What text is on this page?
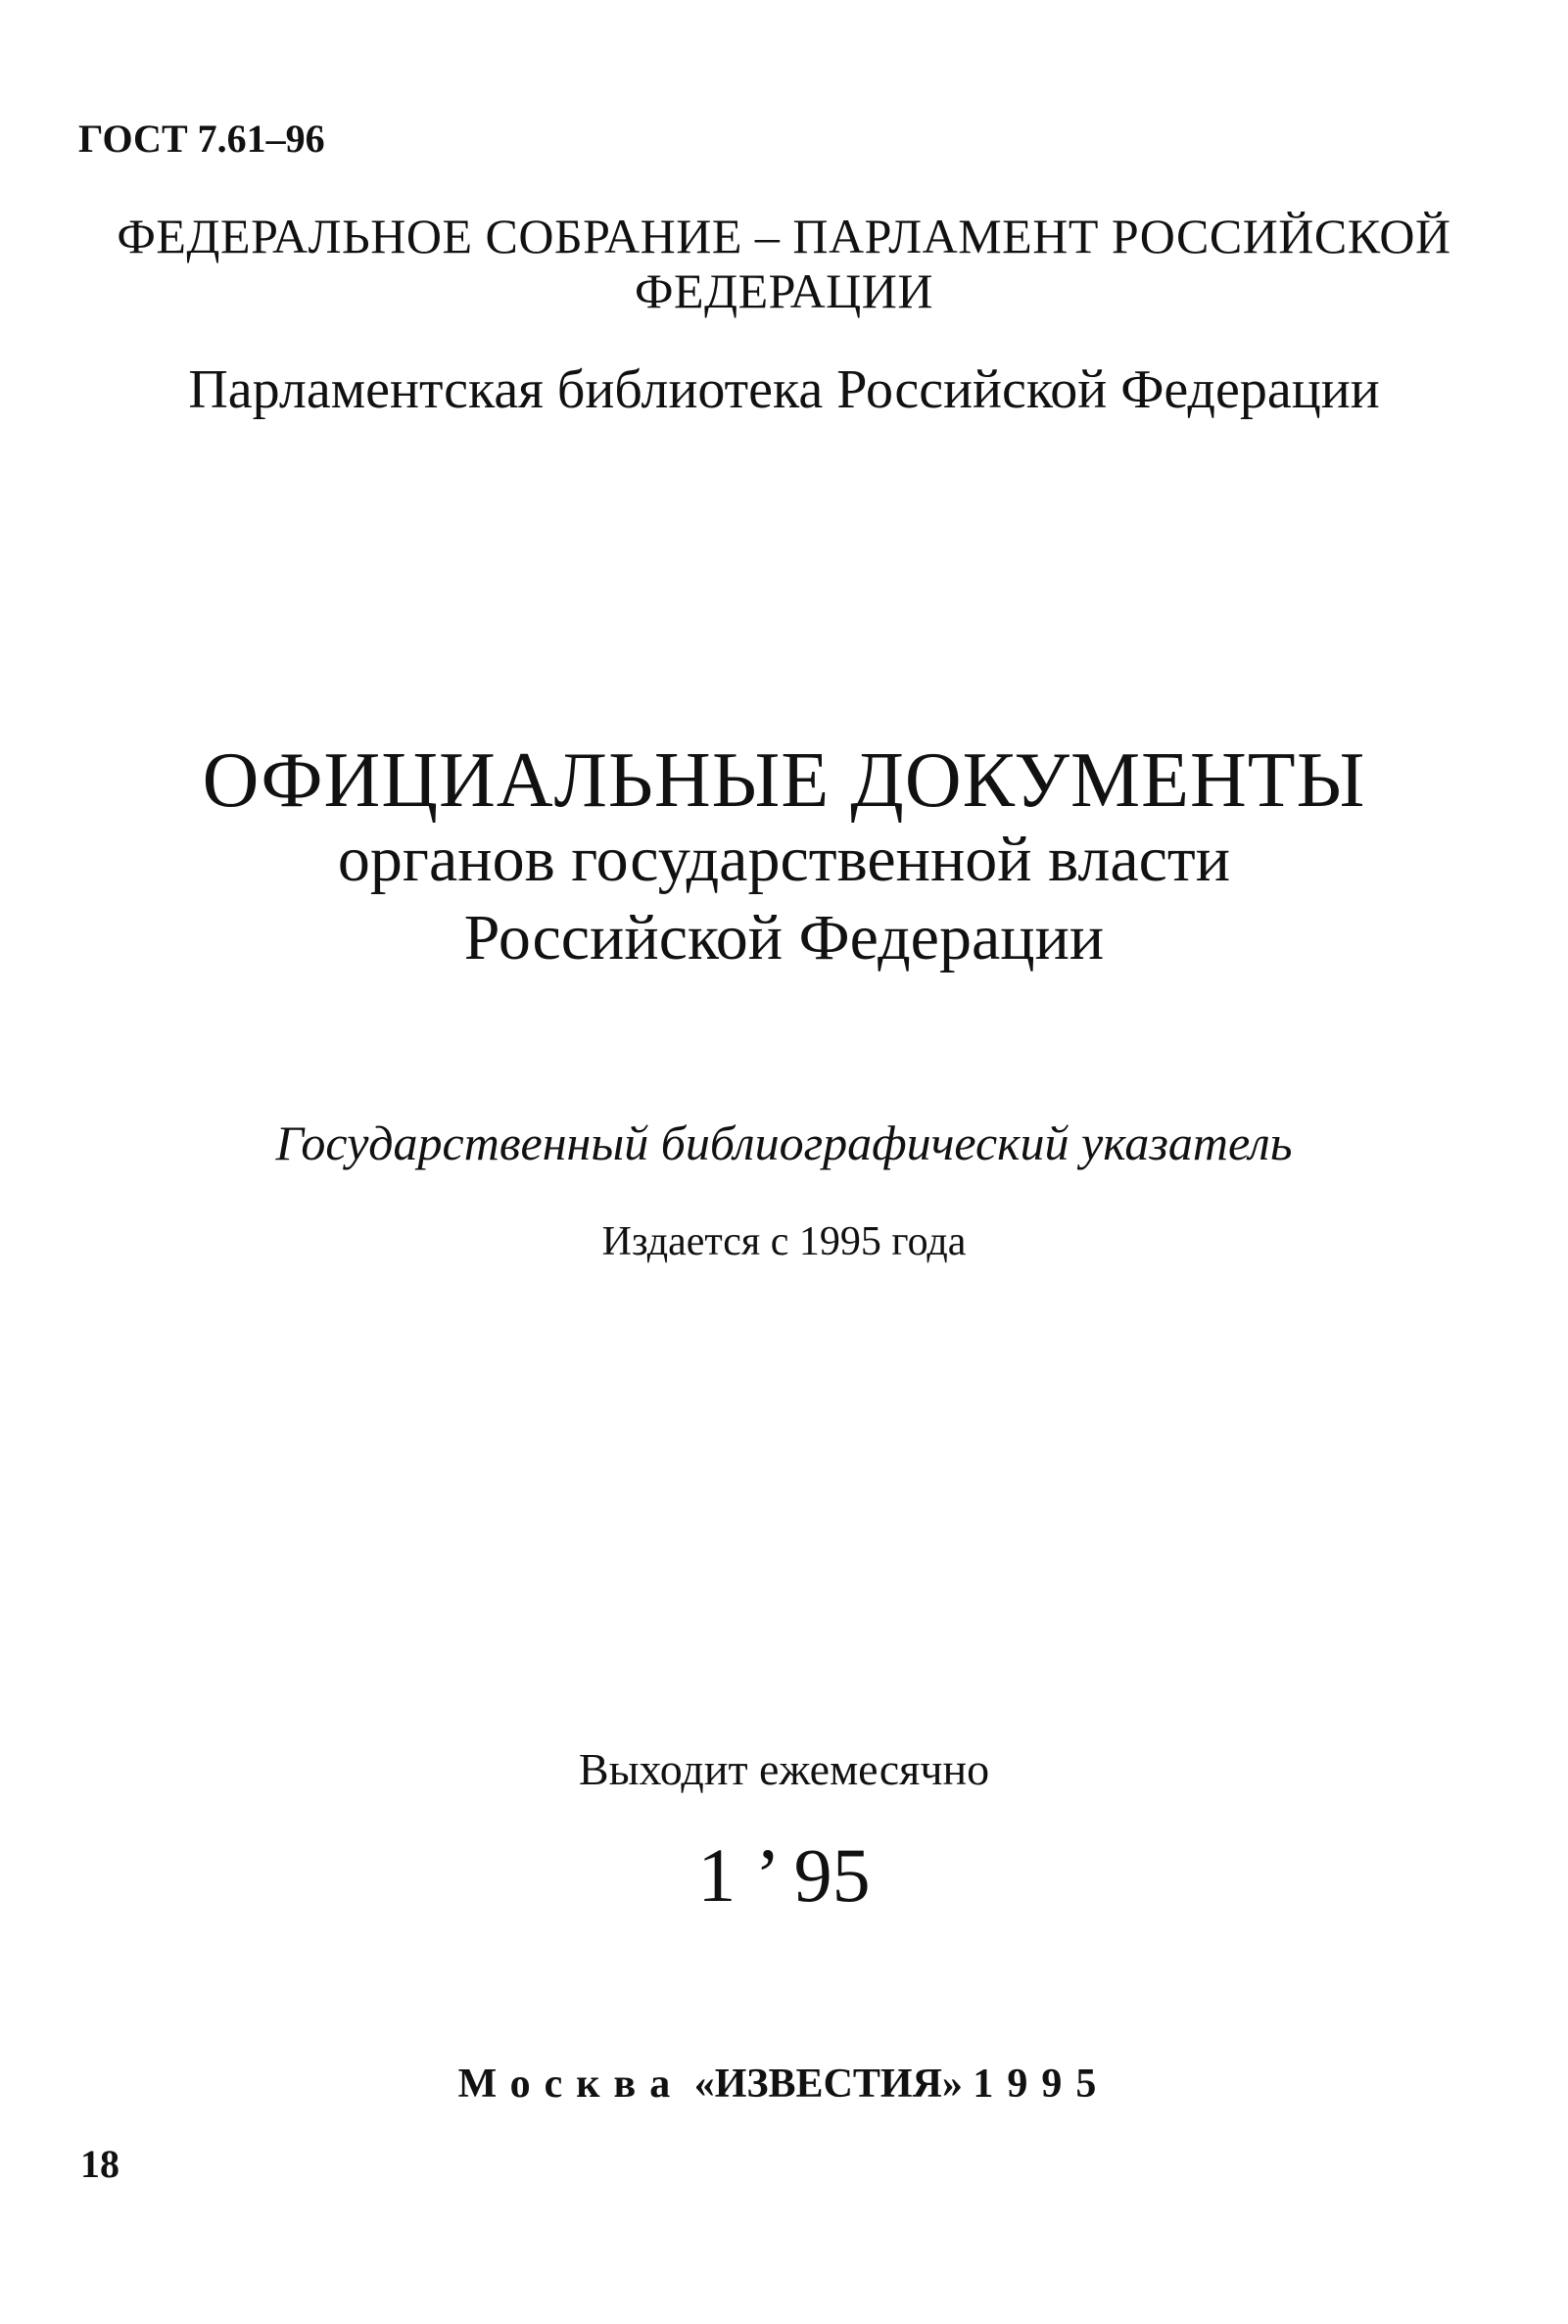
ГОСТ 7.61–96
ФЕДЕРАЛЬНОЕ СОБРАНИЕ – ПАРЛАМЕНТ РОССИЙСКОЙ
ФЕДЕРАЦИИ
Парламентская библиотека Российской Федерации
ОФИЦИАЛЬНЫЕ ДОКУМЕНТЫ
органов государственной власти
Российской Федерации
Государственный библиографический указатель
Издается с 1995 года
Выходит ежемесячно
1 ’ 95
Москва «ИЗВЕСТИЯ» 1995
18
